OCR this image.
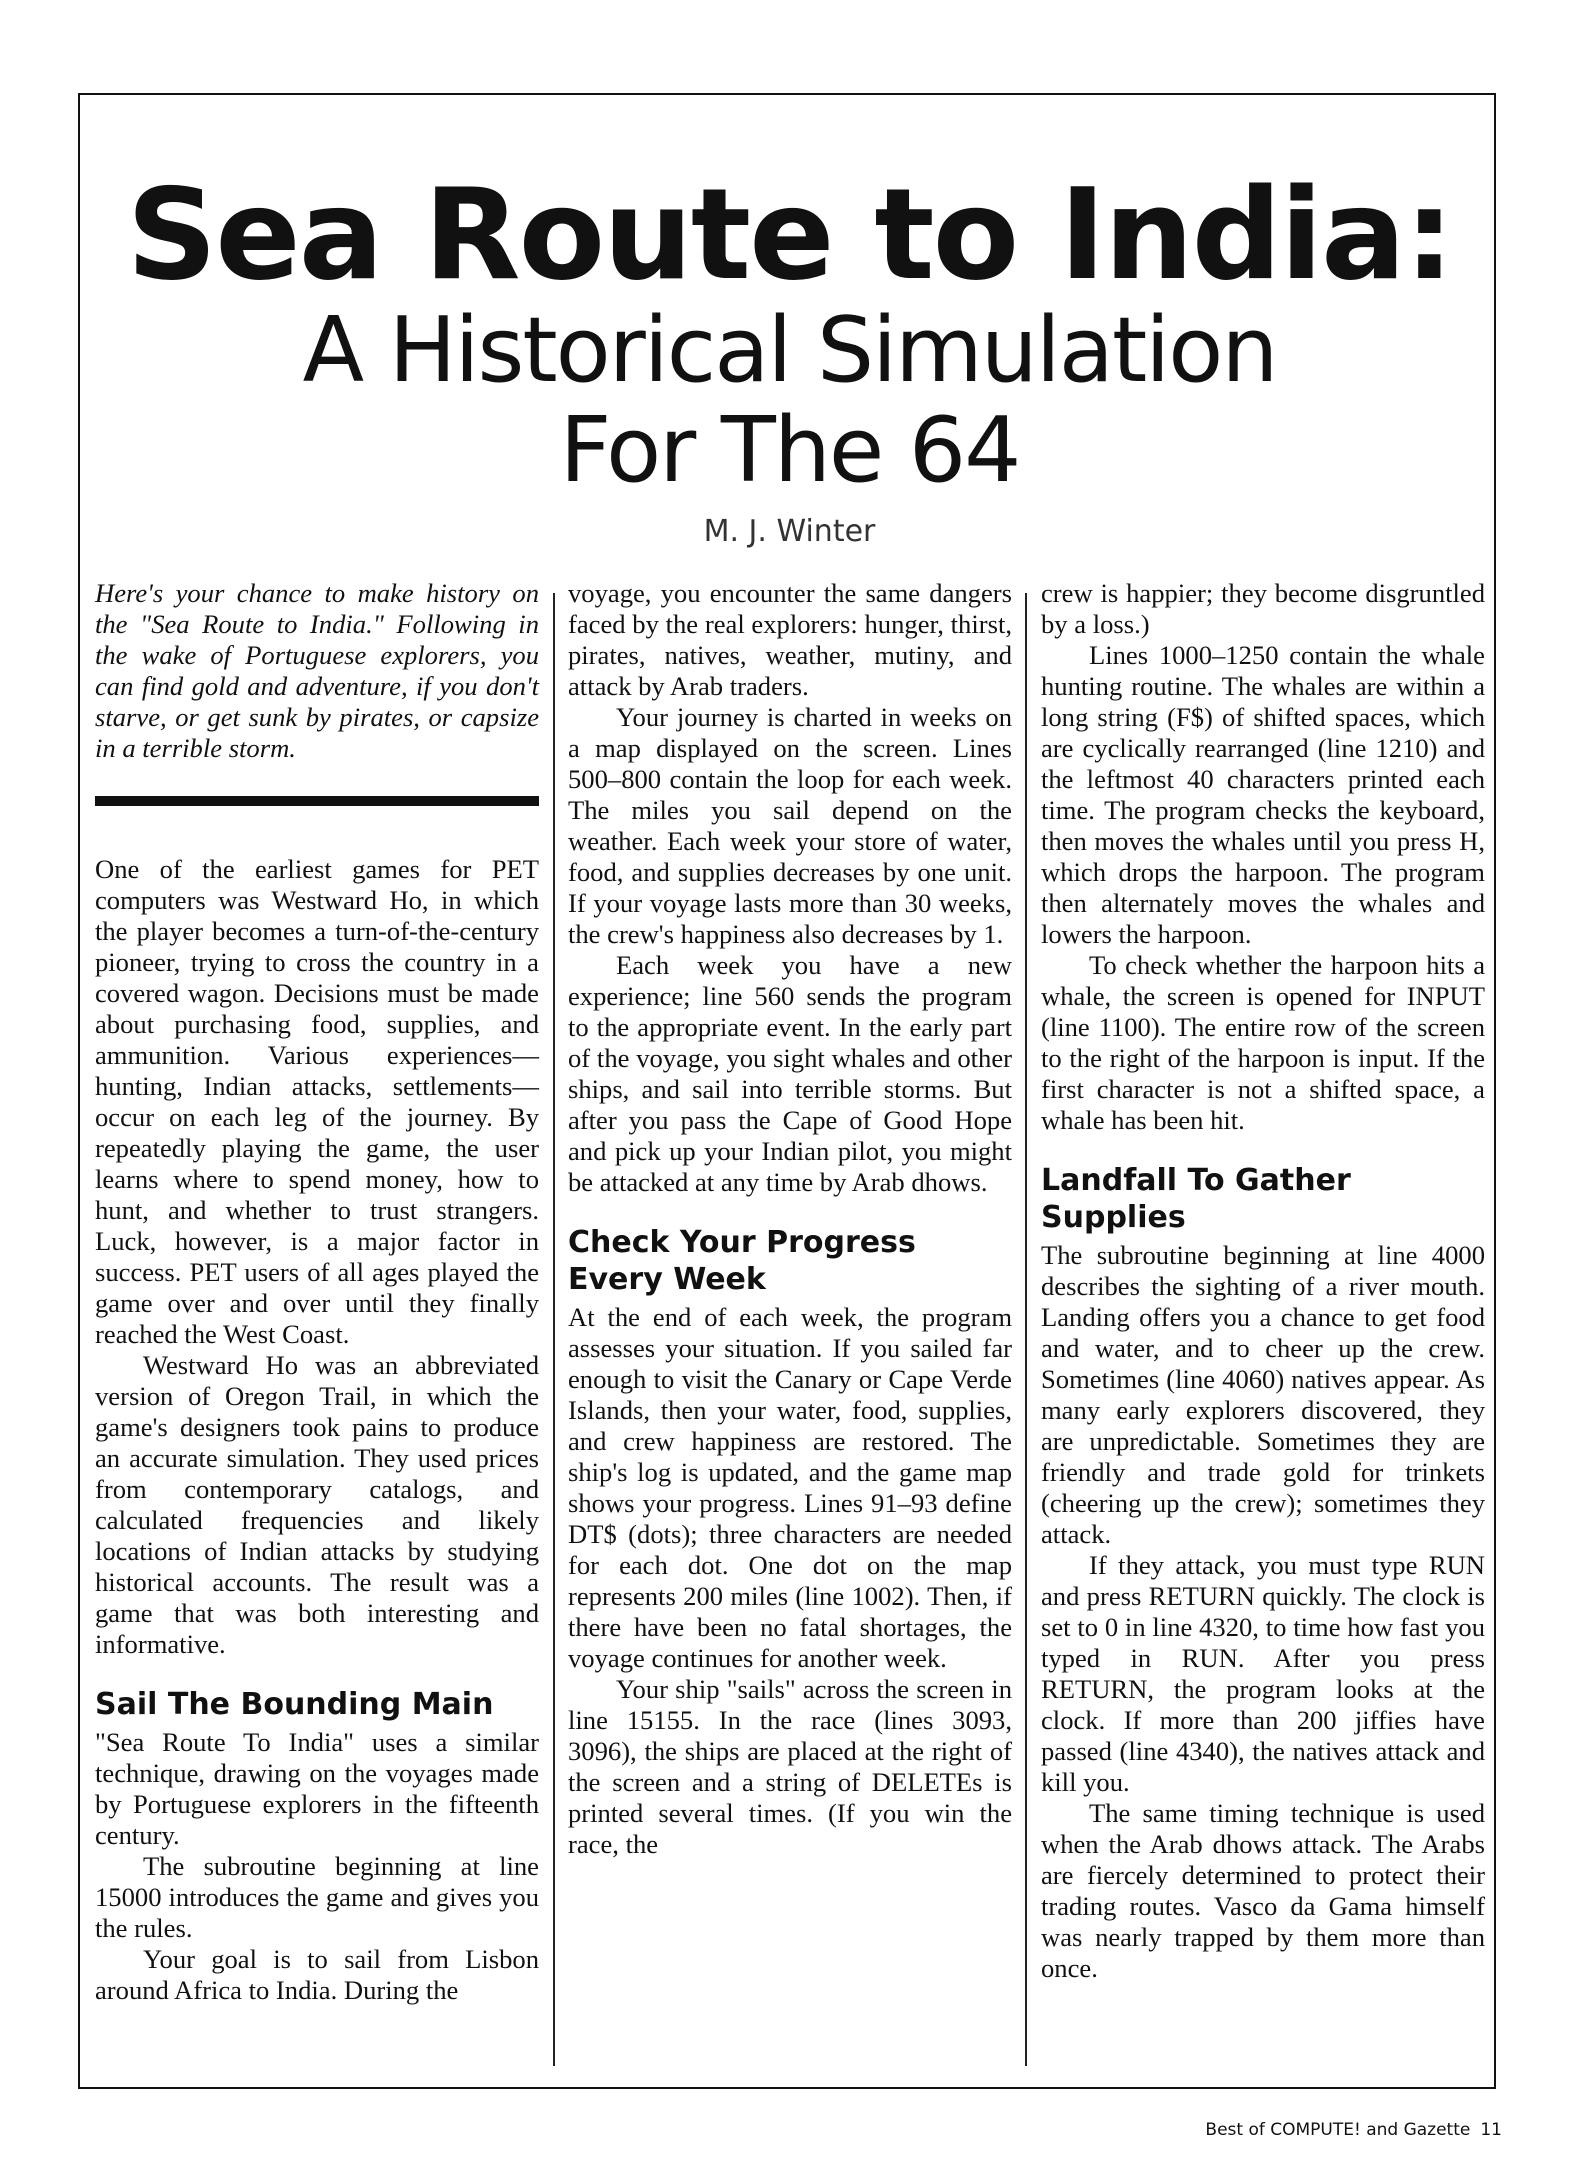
Sea Route to India:
A Historical Simulation
For The 64
M. J. Winter

Here's your chance to make history on the "Sea Route to India." Following in the wake of Portuguese explorers, you can find gold and adventure, if you don't starve, or get sunk by pirates, or capsize in a terrible storm.

One of the earliest games for PET computers was Westward Ho, in which the player becomes a turn-of-the-century pioneer, trying to cross the country in a covered wagon. Decisions must be made about purchasing food, supplies, and ammunition. Various experiences—hunting, Indian attacks, settlements—occur on each leg of the journey. By repeatedly playing the game, the user learns where to spend money, how to hunt, and whether to trust strangers. Luck, however, is a major factor in success. PET users of all ages played the game over and over until they finally reached the West Coast.

Westward Ho was an abbreviated version of Oregon Trail, in which the game's designers took pains to produce an accurate simulation. They used prices from contemporary catalogs, and calculated frequencies and likely locations of Indian attacks by studying historical accounts. The result was a game that was both interesting and informative.

Sail The Bounding Main

"Sea Route To India" uses a similar technique, drawing on the voyages made by Portuguese explorers in the fifteenth century.

The subroutine beginning at line 15000 introduces the game and gives you the rules.

Your goal is to sail from Lisbon around Africa to India. During the

voyage, you encounter the same dangers faced by the real explorers: hunger, thirst, pirates, natives, weather, mutiny, and attack by Arab traders.

Your journey is charted in weeks on a map displayed on the screen. Lines 500–800 contain the loop for each week. The miles you sail depend on the weather. Each week your store of water, food, and supplies decreases by one unit. If your voyage lasts more than 30 weeks, the crew's happiness also decreases by 1.

Each week you have a new experience; line 560 sends the program to the appropriate event. In the early part of the voyage, you sight whales and other ships, and sail into terrible storms. But after you pass the Cape of Good Hope and pick up your Indian pilot, you might be attacked at any time by Arab dhows.

Check Your Progress Every Week

At the end of each week, the program assesses your situation. If you sailed far enough to visit the Canary or Cape Verde Islands, then your water, food, supplies, and crew happiness are restored. The ship's log is updated, and the game map shows your progress. Lines 91–93 define DT$ (dots); three characters are needed for each dot. One dot on the map represents 200 miles (line 1002). Then, if there have been no fatal shortages, the voyage continues for another week.

Your ship "sails" across the screen in line 15155. In the race (lines 3093, 3096), the ships are placed at the right of the screen and a string of DELETEs is printed several times. (If you win the race, the

crew is happier; they become disgruntled by a loss.)

Lines 1000–1250 contain the whale hunting routine. The whales are within a long string (F$) of shifted spaces, which are cyclically rearranged (line 1210) and the leftmost 40 characters printed each time. The program checks the keyboard, then moves the whales until you press H, which drops the harpoon. The program then alternately moves the whales and lowers the harpoon.

To check whether the harpoon hits a whale, the screen is opened for INPUT (line 1100). The entire row of the screen to the right of the harpoon is input. If the first character is not a shifted space, a whale has been hit.

Landfall To Gather Supplies

The subroutine beginning at line 4000 describes the sighting of a river mouth. Landing offers you a chance to get food and water, and to cheer up the crew. Sometimes (line 4060) natives appear. As many early explorers discovered, they are unpredictable. Sometimes they are friendly and trade gold for trinkets (cheering up the crew); sometimes they attack.

If they attack, you must type RUN and press RETURN quickly. The clock is set to 0 in line 4320, to time how fast you typed in RUN. After you press RETURN, the program looks at the clock. If more than 200 jiffies have passed (line 4340), the natives attack and kill you.

The same timing technique is used when the Arab dhows attack. The Arabs are fiercely determined to protect their trading routes. Vasco da Gama himself was nearly trapped by them more than once.

Best of COMPUTE! and Gazette 11
